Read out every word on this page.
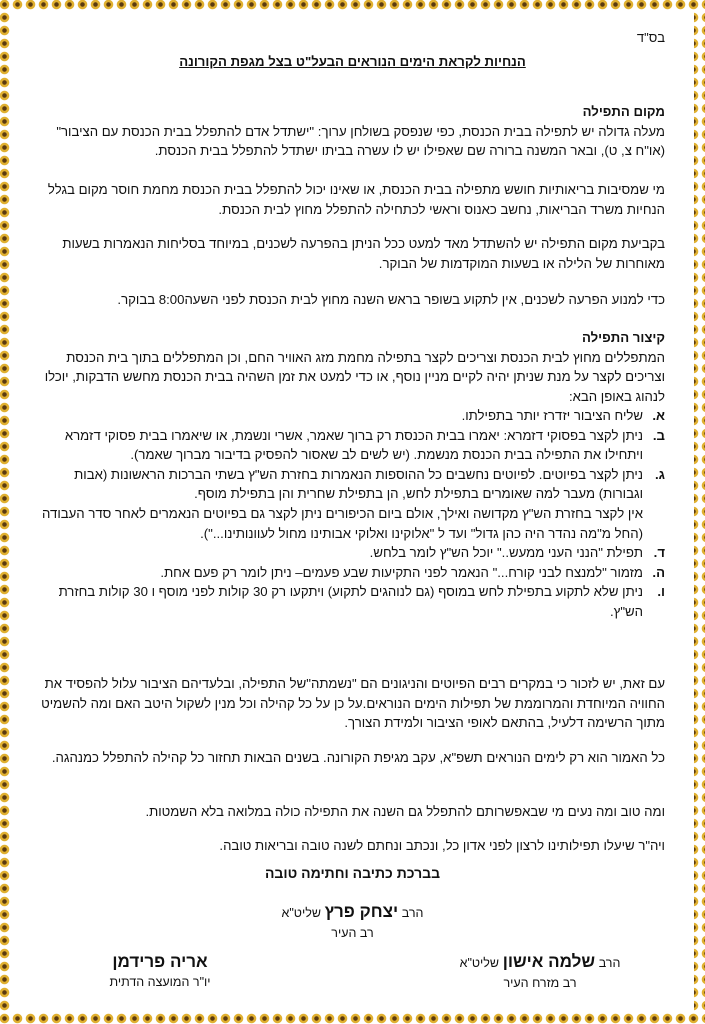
בס"ד
הנחיות לקראת הימים הנוראים הבעל"ט בצל מגפת הקורונה

מקום התפילה

מעלה גדולה יש לתפילה בבית הכנסת, כפי שנפסק בשולחן ערוך: "ישתדל אדם להתפלל בבית הכנסת עם הציבור" (או"ח צ, ט), ובאר המשנה ברורה שם שאפילו יש לו עשרה בביתו ישתדל להתפלל בבית הכנסת.

מי שמסיבות בריאותיות חושש מתפילה בבית הכנסת, או שאינו יכול להתפלל בבית הכנסת מחמת חוסר מקום בגלל הנחיות משרד הבריאות, נחשב כאנוס וראשי לכתחילה להתפלל מחוץ לבית הכנסת.

בקביעת מקום התפילה יש להשתדל מאד למעט ככל הניתן בהפרעה לשכנים, במיוחד בסליחות הנאמרות בשעות מאוחרות של הלילה או בשעות המוקדמות של הבוקר.

כדי למנוע הפרעה לשכנים, אין לתקוע בשופר בראש השנה מחוץ לבית הכנסת לפני השעה8:00 בבוקר.

קיצור התפילה

המתפללים מחוץ לבית הכנסת וצריכים לקצר בתפילה מחמת מזג האוויר החם, וכן המתפללים בתוך בית הכנסת וצריכים לקצר על מנת שניתן יהיה לקיים מניין נוסף, או כדי למעט את זמן השהיה בבית הכנסת מחשש הדבקות, יוכלו לנהוג באופן הבא:

א.
שליח הציבור יזדרז יותר בתפילתו.
ב.
ניתן לקצר בפסוקי דזמרא: יאמרו בבית הכנסת רק ברוך שאמר, אשרי ונשמת, או שיאמרו בבית פסוקי דזמרא ויתחילו את התפילה בבית הכנסת מנשמת. (יש לשים לב שאסור להפסיק בדיבור מברוך שאמר).
ג.
ניתן לקצר בפיוטים. לפיוטים נחשבים כל ההוספות הנאמרות בחזרת הש"ץ בשתי הברכות הראשונות (אבות וגבורות) מעבר למה שאומרים בתפילת לחש, הן בתפילת שחרית והן בתפילת מוסף.
אין לקצר בחזרת הש"ץ מקדושה ואילך, אולם ביום הכיפורים ניתן לקצר גם בפיוטים הנאמרים לאחר סדר העבודה (החל מ"מה נהדר היה כהן גדול" ועד ל "אלוקינו ואלוקי אבותינו מחול לעוונותינו...").
ד.
תפילת "הנני העני ממעש.." יוכל הש"ץ לומר בלחש.
ה.
מזמור "למנצח לבני קורח..." הנאמר לפני התקיעות שבע פעמים– ניתן לומר רק פעם אחת.
ו.
ניתן שלא לתקוע בתפילת לחש במוסף (גם לנוהגים לתקוע) ויתקעו רק 30 קולות לפני מוסף ו 30 קולות בחזרת הש"ץ.

עם זאת, יש לזכור כי במקרים רבים הפיוטים והניגונים הם "נשמתה"של התפילה, ובלעדיהם הציבור עלול להפסיד את החוויה המיוחדת והמרוממת של תפילות הימים הנוראים.על כן על כל קהילה וכל מנין לשקול היטב האם ומה להשמיט מתוך הרשימה דלעיל, בהתאם לאופי הציבור ולמידת הצורך.

כל האמור הוא רק לימים הנוראים תשפ"א, עקב מגיפת הקורונה. בשנים הבאות תחזור כל קהילה להתפלל כמנהגה.

ומה טוב ומה נעים מי שבאפשרותם להתפלל גם השנה את התפילה כולה במלואה בלא השמטות.

ויה"ר שיעלו תפילותינו לרצון לפני אדון כל, ונכתב ונחתם לשנה טובה ובריאות טובה.

בברכת כתיבה וחתימה טובה
הרב יצחק פרץ שליט"א
רב העיר
הרב שלמה אישון שליט"א
רב מזרח העיר
אריה פרידמן
יו"ר המועצה הדתית
